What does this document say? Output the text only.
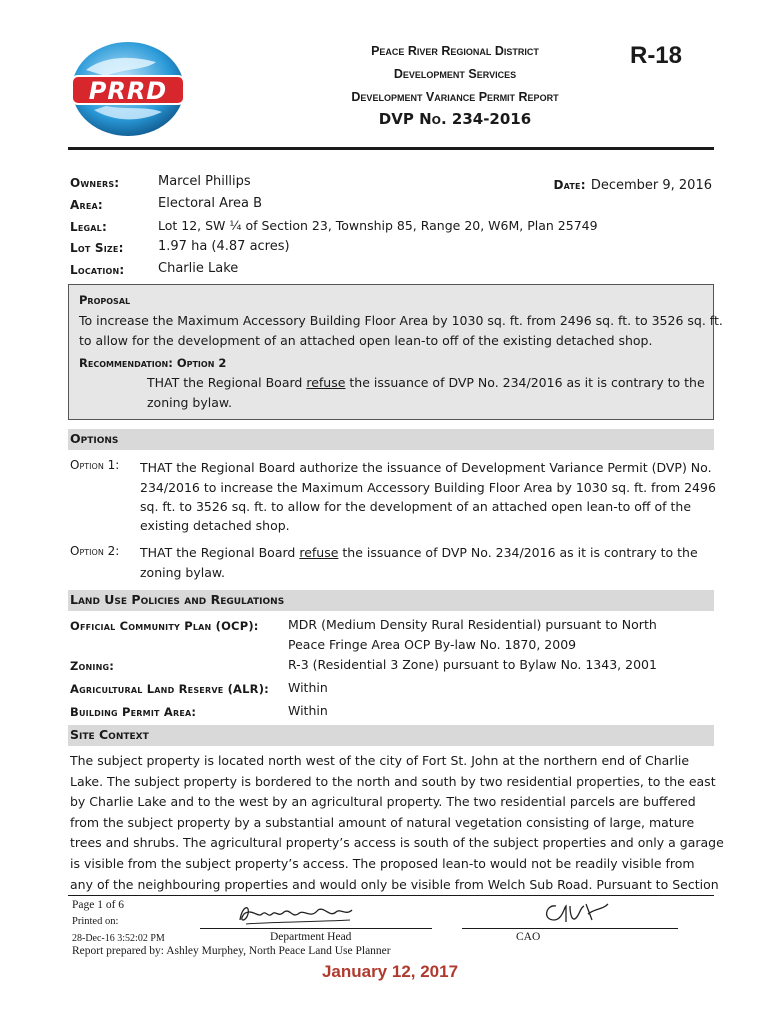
PRRD
Peace River Regional District
Development Services
Development Variance Permit Report
DVP No. 234-2016
R-18
Owners:	Marcel Phillips	Date: December 9, 2016
Area:	Electoral Area B
Legal:	Lot 12, SW ¼ of Section 23, Township 85, Range 20, W6M, Plan 25749
Lot Size:	1.97 ha (4.87 acres)
Location:	Charlie Lake
Proposal
To increase the Maximum Accessory Building Floor Area by 1030 sq. ft. from 2496 sq. ft. to 3526 sq. ft.
to allow for the development of an attached open lean-to off of the existing detached shop.
Recommendation: Option 2
THAT the Regional Board refuse the issuance of DVP No. 234/2016 as it is contrary to the
zoning bylaw.
Options
Option 1: THAT the Regional Board authorize the issuance of Development Variance Permit (DVP) No.
234/2016 to increase the Maximum Accessory Building Floor Area by 1030 sq. ft. from 2496
sq. ft. to 3526 sq. ft. to allow for the development of an attached open lean-to off of the
existing detached shop.
Option 2: THAT the Regional Board refuse the issuance of DVP No. 234/2016 as it is contrary to the
zoning bylaw.
Land Use Policies and Regulations
Official Community Plan (OCP): MDR (Medium Density Rural Residential) pursuant to North
Peace Fringe Area OCP By-law No. 1870, 2009
Zoning:	R-3 (Residential 3 Zone) pursuant to Bylaw No. 1343, 2001
Agricultural Land Reserve (ALR): Within
Building Permit Area:	Within
Site Context
The subject property is located north west of the city of Fort St. John at the northern end of Charlie
Lake. The subject property is bordered to the north and south by two residential properties, to the east
by Charlie Lake and to the west by an agricultural property. The two residential parcels are buffered
from the subject property by a substantial amount of natural vegetation consisting of large, mature
trees and shrubs. The agricultural property’s access is south of the subject properties and only a garage
is visible from the subject property’s access. The proposed lean-to would not be readily visible from
any of the neighbouring properties and would only be visible from Welch Sub Road. Pursuant to Section
Page 1 of 6
Printed on:
28-Dec-16 3:52:02 PM	Department Head	CAO
Report prepared by: Ashley Murphey, North Peace Land Use Planner
January 12, 2017
